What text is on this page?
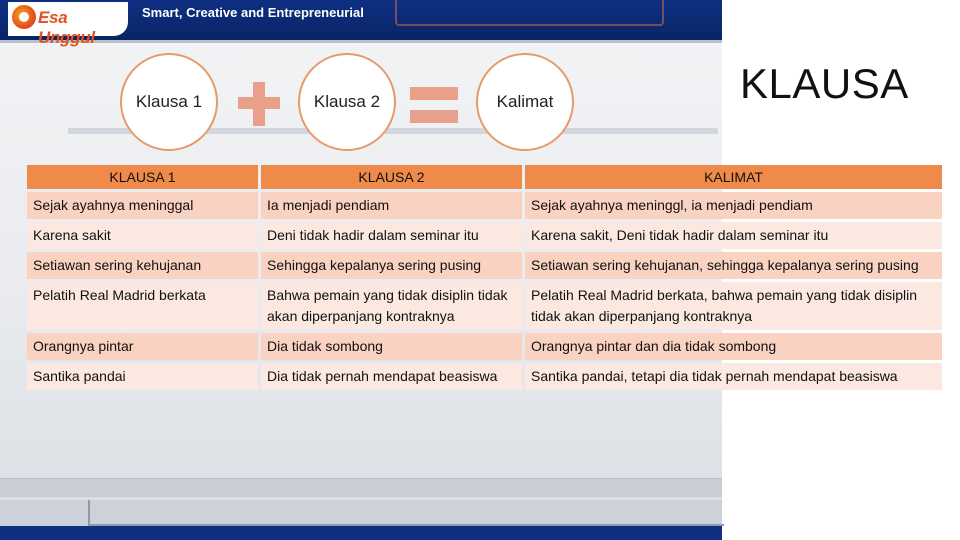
Esa Unggul
Smart, Creative and Entrepreneurial
Klausa 1	Klausa 2	Kalimat	KLAUSA
KLAUSA 1	KLAUSA 2	KALIMAT
Sejak ayahnya meninggal	Ia menjadi pendiam	Sejak ayahnya meninggl, ia menjadi pendiam
Karena sakit	Deni tidak hadir dalam seminar itu	Karena sakit, Deni tidak hadir dalam seminar itu
Setiawan sering kehujanan	Sehingga kepalanya sering pusing	Setiawan sering kehujanan, sehingga kepalanya sering pusing
Pelatih Real Madrid berkata	Bahwa pemain yang tidak disiplin tidak akan diperpanjang kontraknya	Pelatih Real Madrid berkata, bahwa pemain yang tidak disiplin tidak akan diperpanjang kontraknya
Orangnya pintar	Dia tidak sombong	Orangnya pintar dan dia tidak sombong
Santika pandai	Dia tidak pernah mendapat beasiswa	Santika pandai, tetapi dia tidak pernah mendapat beasiswa
